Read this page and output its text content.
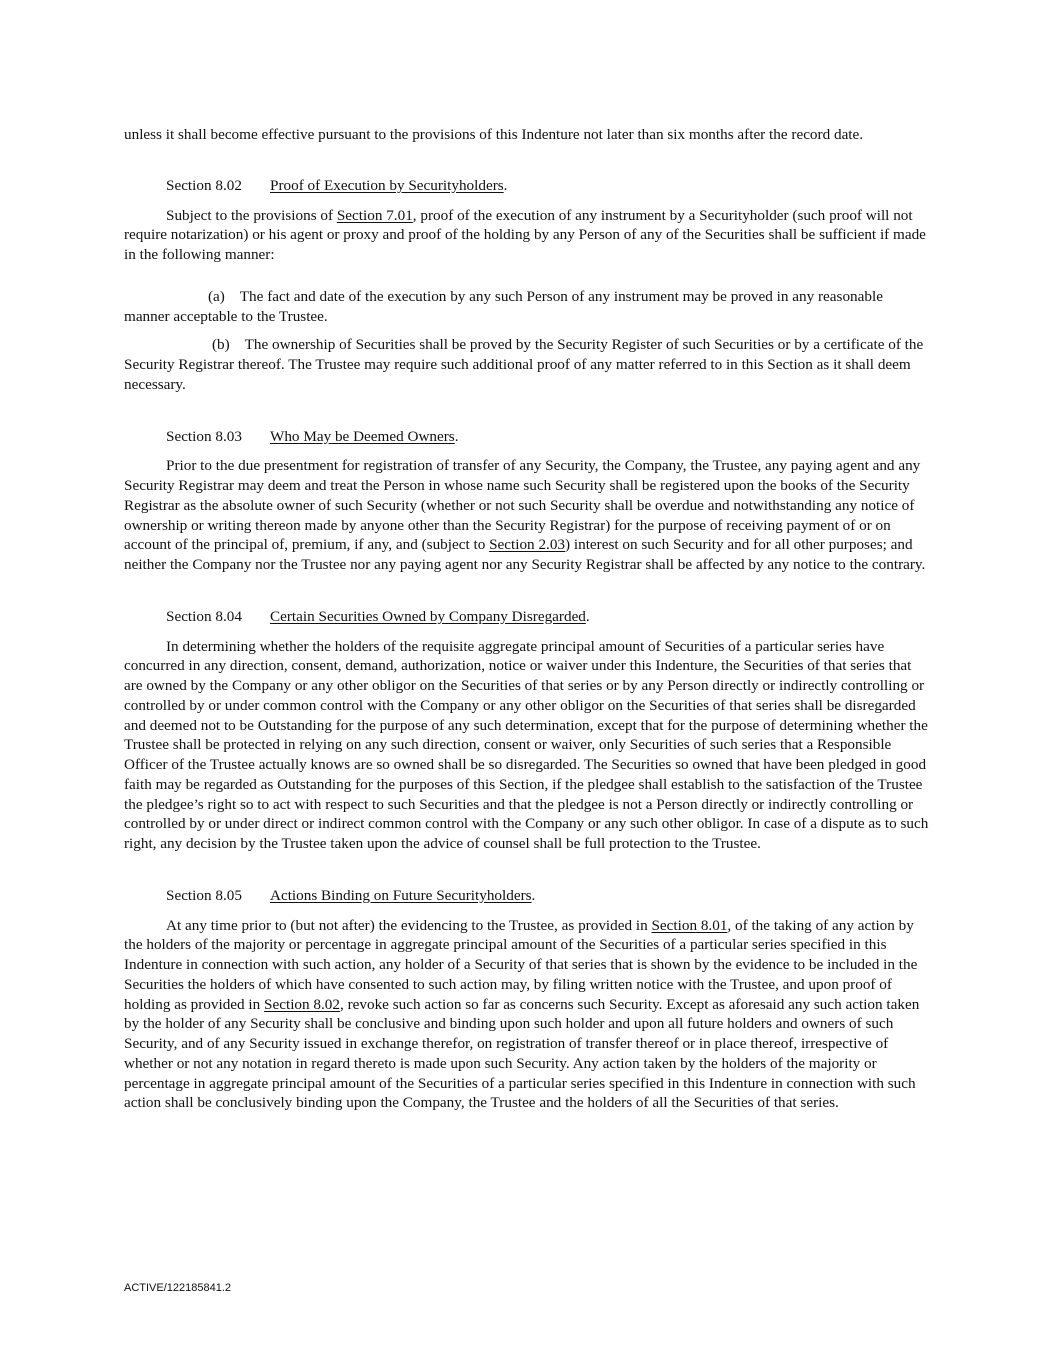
unless it shall become effective pursuant to the provisions of this Indenture not later than six months after the record date.

Section 8.02 Proof of Execution by Securityholders.

Subject to the provisions of Section 7.01, proof of the execution of any instrument by a Securityholder (such proof will not require notarization) or his agent or proxy and proof of the holding by any Person of any of the Securities shall be sufficient if made in the following manner:

(a) The fact and date of the execution by any such Person of any instrument may be proved in any reasonable manner acceptable to the Trustee.

(b) The ownership of Securities shall be proved by the Security Register of such Securities or by a certificate of the Security Registrar thereof. The Trustee may require such additional proof of any matter referred to in this Section as it shall deem necessary.

Section 8.03 Who May be Deemed Owners.

Prior to the due presentment for registration of transfer of any Security, the Company, the Trustee, any paying agent and any Security Registrar may deem and treat the Person in whose name such Security shall be registered upon the books of the Security Registrar as the absolute owner of such Security (whether or not such Security shall be overdue and notwithstanding any notice of ownership or writing thereon made by anyone other than the Security Registrar) for the purpose of receiving payment of or on account of the principal of, premium, if any, and (subject to Section 2.03) interest on such Security and for all other purposes; and neither the Company nor the Trustee nor any paying agent nor any Security Registrar shall be affected by any notice to the contrary.

Section 8.04 Certain Securities Owned by Company Disregarded.

In determining whether the holders of the requisite aggregate principal amount of Securities of a particular series have concurred in any direction, consent, demand, authorization, notice or waiver under this Indenture, the Securities of that series that are owned by the Company or any other obligor on the Securities of that series or by any Person directly or indirectly controlling or controlled by or under common control with the Company or any other obligor on the Securities of that series shall be disregarded and deemed not to be Outstanding for the purpose of any such determination, except that for the purpose of determining whether the Trustee shall be protected in relying on any such direction, consent or waiver, only Securities of such series that a Responsible Officer of the Trustee actually knows are so owned shall be so disregarded. The Securities so owned that have been pledged in good faith may be regarded as Outstanding for the purposes of this Section, if the pledgee shall establish to the satisfaction of the Trustee the pledgee’s right so to act with respect to such Securities and that the pledgee is not a Person directly or indirectly controlling or controlled by or under direct or indirect common control with the Company or any such other obligor. In case of a dispute as to such right, any decision by the Trustee taken upon the advice of counsel shall be full protection to the Trustee.

Section 8.05 Actions Binding on Future Securityholders.

At any time prior to (but not after) the evidencing to the Trustee, as provided in Section 8.01, of the taking of any action by the holders of the majority or percentage in aggregate principal amount of the Securities of a particular series specified in this Indenture in connection with such action, any holder of a Security of that series that is shown by the evidence to be included in the Securities the holders of which have consented to such action may, by filing written notice with the Trustee, and upon proof of holding as provided in Section 8.02, revoke such action so far as concerns such Security. Except as aforesaid any such action taken by the holder of any Security shall be conclusive and binding upon such holder and upon all future holders and owners of such Security, and of any Security issued in exchange therefor, on registration of transfer thereof or in place thereof, irrespective of whether or not any notation in regard thereto is made upon such Security. Any action taken by the holders of the majority or percentage in aggregate principal amount of the Securities of a particular series specified in this Indenture in connection with such action shall be conclusively binding upon the Company, the Trustee and the holders of all the Securities of that series.

ACTIVE/122185841.2
